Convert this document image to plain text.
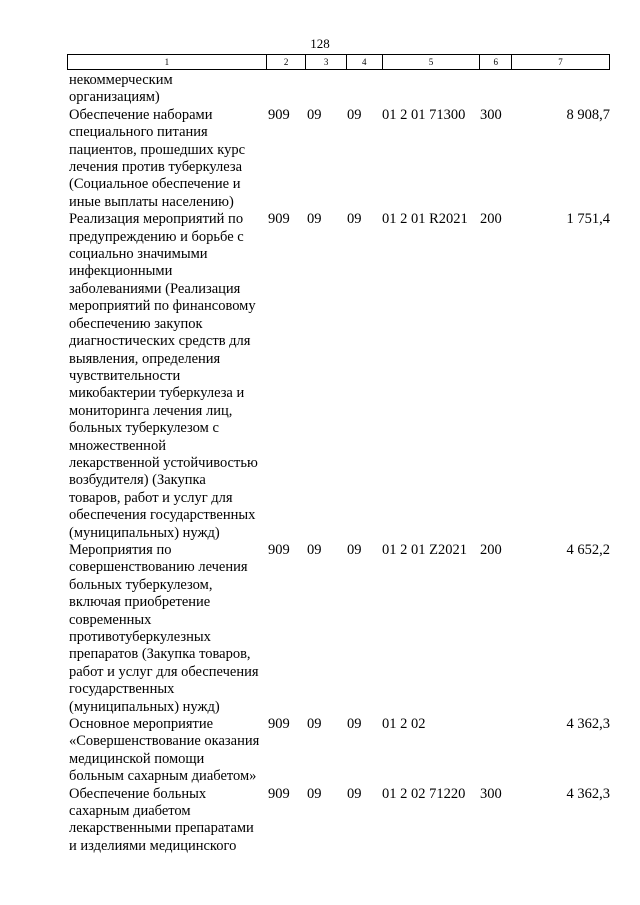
128
1	2	3	4	5	6	7
некоммерческим
организациям)
Обеспечение наборами
специального питания
пациентов, прошедших курс
лечения против туберкулеза
(Социальное обеспечение и
иные выплаты населению)
909 09 09 01 2 01 71300 300	8 908,7
Реализация мероприятий по
предупреждению и борьбе с
социально значимыми
инфекционными
заболеваниями (Реализация
мероприятий по финансовому
обеспечению закупок
диагностических средств для
выявления, определения
чувствительности
микобактерии туберкулеза и
мониторинга лечения лиц,
больных туберкулезом с
множественной
лекарственной устойчивостью
возбудителя) (Закупка
товаров, работ и услуг для
обеспечения государственных
(муниципальных) нужд)
909 09 09 01 2 01 R2021 200	1 751,4
Мероприятия по
совершенствованию лечения
больных туберкулезом,
включая приобретение
современных
противотуберкулезных
препаратов (Закупка товаров,
работ и услуг для обеспечения
государственных
(муниципальных) нужд)
909 09 09 01 2 01 Z2021 200	4 652,2
Основное мероприятие
«Совершенствование оказания
медицинской помощи
больным сахарным диабетом»
909 09 09 01 2 02	4 362,3
Обеспечение больных
сахарным диабетом
лекарственными препаратами
и изделиями медицинского
909 09 09 01 2 02 71220 300	4 362,3
